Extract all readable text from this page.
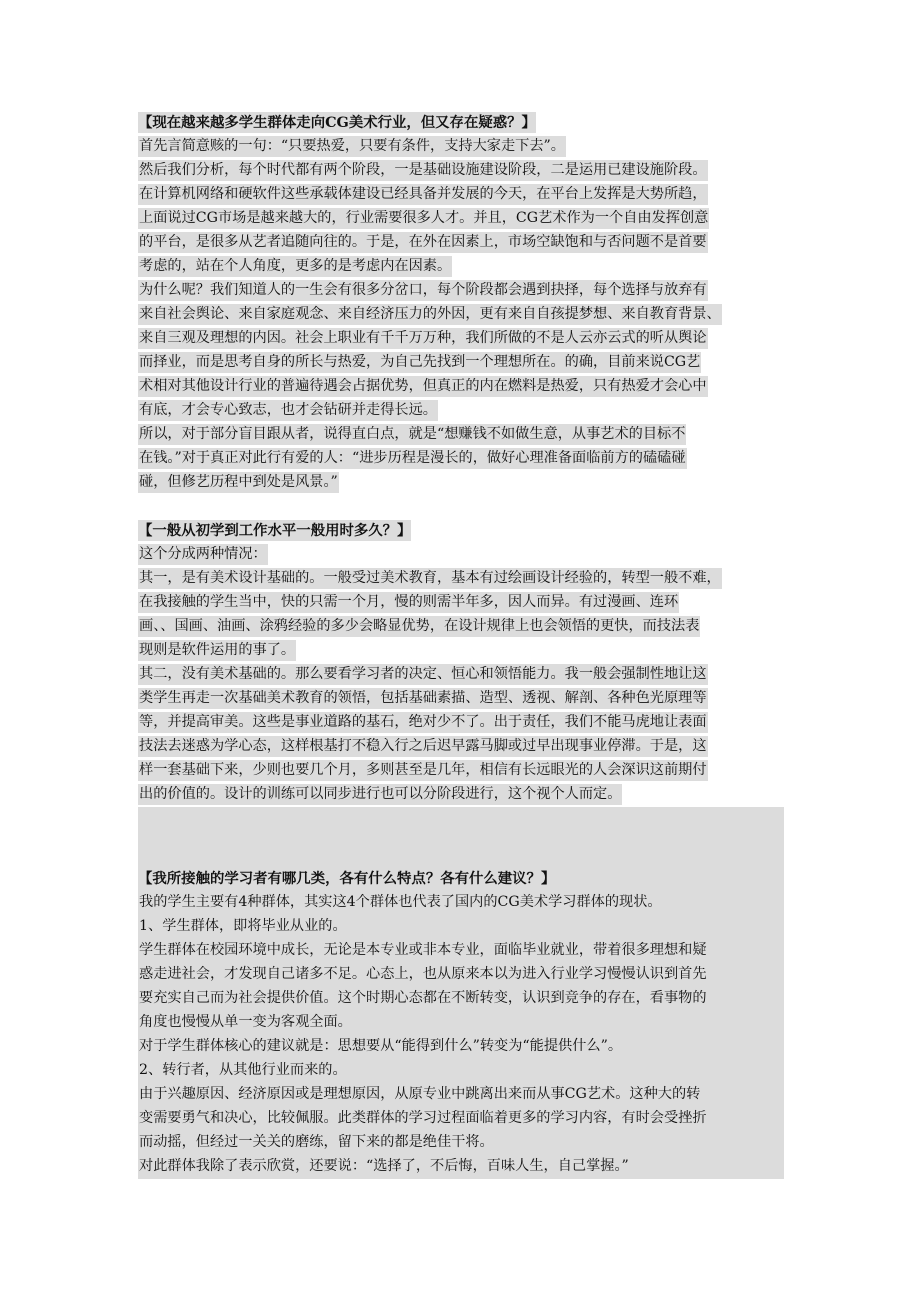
【现在越来越多学生群体走向CG美术行业，但又存在疑惑？】
首先言简意赅的一句：“只要热爱，只要有条件，支持大家走下去”。
然后我们分析，每个时代都有两个阶段，一是基础设施建设阶段，二是运用已建设施阶段。
在计算机网络和硬软件这些承载体建设已经具备并发展的今天，在平台上发挥是大势所趋，
上面说过CG市场是越来越大的，行业需要很多人才。并且，CG艺术作为一个自由发挥创意
的平台，是很多从艺者追随向往的。于是，在外在因素上，市场空缺饱和与否问题不是首要
考虑的，站在个人角度，更多的是考虑内在因素。
为什么呢？我们知道人的一生会有很多分岔口，每个阶段都会遇到抉择，每个选择与放弃有
来自社会舆论、来自家庭观念、来自经济压力的外因，更有来自自孩提梦想、来自教育背景、
来自三观及理想的内因。社会上职业有千千万万种，我们所做的不是人云亦云式的听从舆论
而择业，而是思考自身的所长与热爱，为自己先找到一个理想所在。的确，目前来说CG艺
术相对其他设计行业的普遍待遇会占据优势，但真正的内在燃料是热爱，只有热爱才会心中
有底，才会专心致志，也才会钻研并走得长远。
所以，对于部分盲目跟从者，说得直白点，就是“想赚钱不如做生意，从事艺术的目标不
在钱。”对于真正对此行有爱的人：“进步历程是漫长的，做好心理准备面临前方的磕磕碰
碰，但修艺历程中到处是风景。”
【一般从初学到工作水平一般用时多久？】
这个分成两种情况：
其一，是有美术设计基础的。一般受过美术教育，基本有过绘画设计经验的，转型一般不难，
在我接触的学生当中，快的只需一个月，慢的则需半年多，因人而异。有过漫画、连环
画、、国画、油画、涂鸦经验的多少会略显优势，在设计规律上也会领悟的更快，而技法表
现则是软件运用的事了。
其二，没有美术基础的。那么要看学习者的决定、恒心和领悟能力。我一般会强制性地让这
类学生再走一次基础美术教育的领悟，包括基础素描、造型、透视、解剖、各种色光原理等
等，并提高审美。这些是事业道路的基石，绝对少不了。出于责任，我们不能马虎地让表面
技法去迷惑为学心态，这样根基打不稳入行之后迟早露马脚或过早出现事业停滞。于是，这
样一套基础下来，少则也要几个月，多则甚至是几年，相信有长远眼光的人会深识这前期付
出的价值的。设计的训练可以同步进行也可以分阶段进行，这个视个人而定。
【我所接触的学习者有哪几类，各有什么特点？各有什么建议？】
我的学生主要有4种群体，其实这4个群体也代表了国内的CG美术学习群体的现状。
1、学生群体，即将毕业从业的。
学生群体在校园环境中成长，无论是本专业或非本专业，面临毕业就业，带着很多理想和疑
惑走进社会，才发现自己诸多不足。心态上，也从原来本以为进入行业学习慢慢认识到首先
要充实自己而为社会提供价值。这个时期心态都在不断转变，认识到竞争的存在，看事物的
角度也慢慢从单一变为客观全面。
对于学生群体核心的建议就是：思想要从“能得到什么”转变为“能提供什么”。
2、转行者，从其他行业而来的。
由于兴趣原因、经济原因或是理想原因，从原专业中跳离出来而从事CG艺术。这种大的转
变需要勇气和决心，比较佩服。此类群体的学习过程面临着更多的学习内容，有时会受挫折
而动摇，但经过一关关的磨练，留下来的都是绝佳干将。
对此群体我除了表示欣赏，还要说：“选择了，不后悔，百味人生，自己掌握。”
